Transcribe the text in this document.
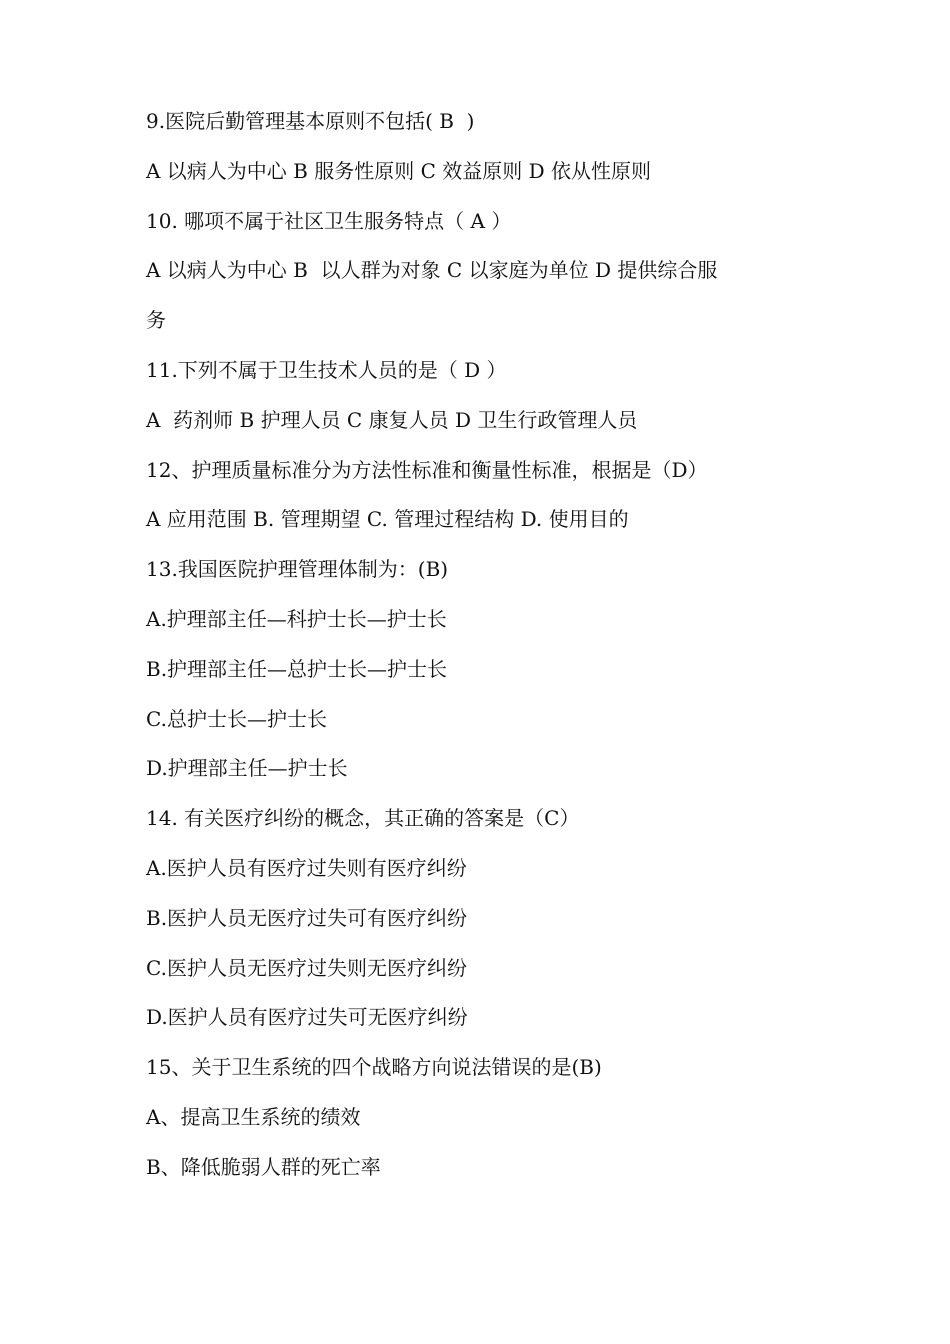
9.医院后勤管理基本原则不包括( B  )
A 以病人为中心 B 服务性原则 C 效益原则 D 依从性原则
10. 哪项不属于社区卫生服务特点（ A ）
A 以病人为中心 B  以人群为对象 C 以家庭为单位 D 提供综合服
务
11.下列不属于卫生技术人员的是（ D ）
A  药剂师 B 护理人员 C 康复人员 D 卫生行政管理人员
12、护理质量标准分为方法性标准和衡量性标准，根据是（D）
A 应用范围 B. 管理期望 C. 管理过程结构 D. 使用目的
13.我国医院护理管理体制为：(B)
A.护理部主任—科护士长—护士长
B.护理部主任—总护士长—护士长
C.总护士长—护士长
D.护理部主任—护士长
14. 有关医疗纠纷的概念，其正确的答案是（C）
A.医护人员有医疗过失则有医疗纠纷
B.医护人员无医疗过失可有医疗纠纷
C.医护人员无医疗过失则无医疗纠纷
D.医护人员有医疗过失可无医疗纠纷
15、关于卫生系统的四个战略方向说法错误的是(B)
A、提高卫生系统的绩效
B、降低脆弱人群的死亡率
